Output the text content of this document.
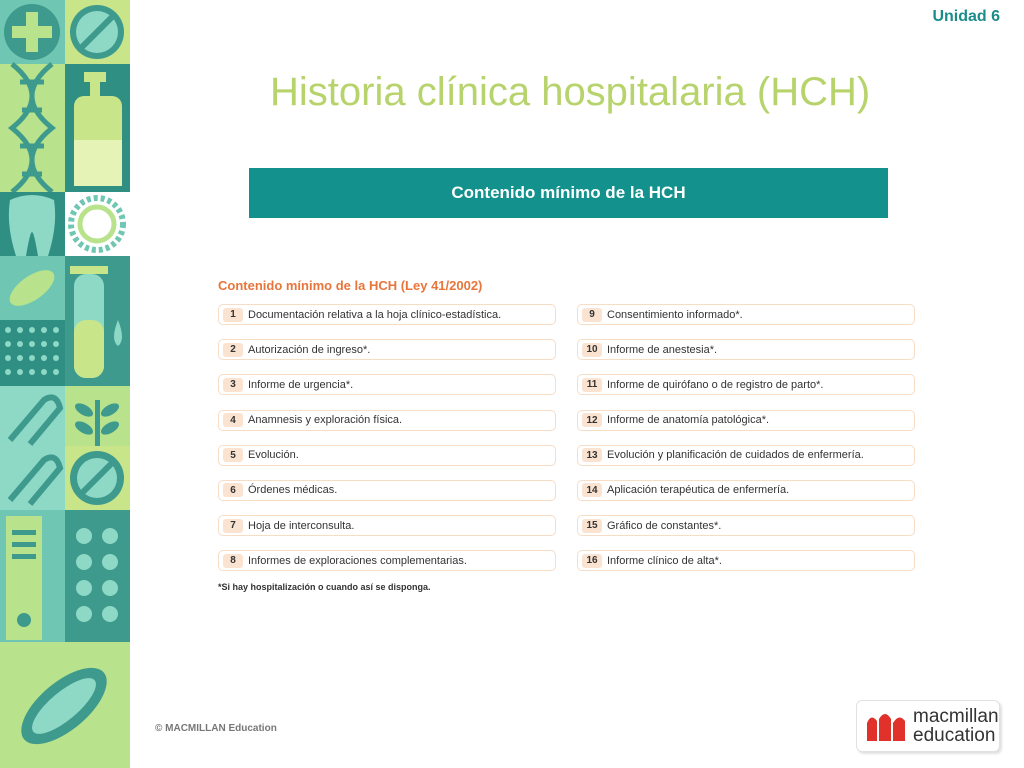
Unidad 6
Historia clínica hospitalaria (HCH)
Contenido mínimo de la HCH
Contenido mínimo de la HCH (Ley 41/2002)
1	Documentación relativa a la hoja clínico-estadística.
2	Autorización de ingreso*.
3	Informe de urgencia*.
4	Anamnesis y exploración física.
5	Evolución.
6	Órdenes médicas.
7	Hoja de interconsulta.
8	Informes de exploraciones complementarias.
9	Consentimiento informado*.
10 Informe de anestesia*.
11 Informe de quirófano o de registro de parto*.
12 Informe de anatomía patológica*.
13 Evolución y planificación de cuidados de enfermería.
14 Aplicación terapéutica de enfermería.
15 Gráfico de constantes*.
16 Informe clínico de alta*.
*Si hay hospitalización o cuando así se disponga.
© MACMILLAN Education
macmillan
education
